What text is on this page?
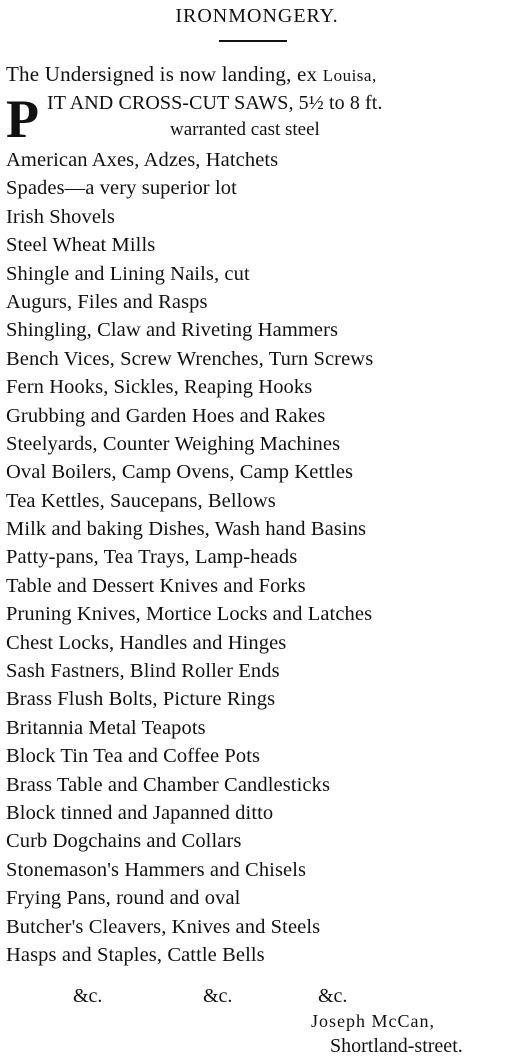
IRONMONGERY.
The Undersigned is now landing, ex Louisa,
P IT AND CROSS-CUT SAWS, 5½ to 8 ft.
warranted cast steel
American Axes, Adzes, Hatchets
Spades—a very superior lot
Irish Shovels
Steel Wheat Mills
Shingle and Lining Nails, cut
Augurs, Files and Rasps
Shingling, Claw and Riveting Hammers
Bench Vices, Screw Wrenches, Turn Screws
Fern Hooks, Sickles, Reaping Hooks
Grubbing and Garden Hoes and Rakes
Steelyards, Counter Weighing Machines
Oval Boilers, Camp Ovens, Camp Kettles
Tea Kettles, Saucepans, Bellows
Milk and baking Dishes, Wash hand Basins
Patty-pans, Tea Trays, Lamp-heads
Table and Dessert Knives and Forks
Pruning Knives, Mortice Locks and Latches
Chest Locks, Handles and Hinges
Sash Fastners, Blind Roller Ends
Brass Flush Bolts, Picture Rings
Britannia Metal Teapots
Block Tin Tea and Coffee Pots
Brass Table and Chamber Candlesticks
Block tinned and Japanned ditto
Curb Dogchains and Collars
Stonemason's Hammers and Chisels
Frying Pans, round and oval
Butcher's Cleavers, Knives and Steels
Hasps and Staples, Cattle Bells
&c.	&c.	&c.
Joseph McCan,
Shortland-street.
